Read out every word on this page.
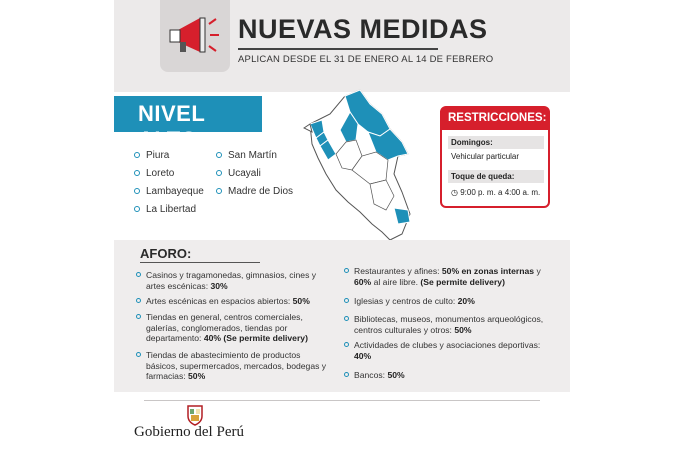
NUEVAS MEDIDAS
APLICAN DESDE EL 31 DE ENERO AL 14 DE FEBRERO
NIVEL ALTO
Piura
Loreto
Lambayeque
La Libertad
San Martín
Ucayali
Madre de Dios
RESTRICCIONES:
Domingos:
Vehicular particular
Toque de queda:
◷ 9:00 p. m. a 4:00 a. m.
AFORO:
Casinos y tragamonedas, gimnasios, cines y artes escénicas: 30%
Artes escénicas en espacios abiertos: 50%
Tiendas en general, centros comerciales, galerías, conglomerados, tiendas por departamento: 40% (Se permite delivery)
Tiendas de abastecimiento de productos básicos, supermercados, mercados, bodegas y farmacias: 50%
Restaurantes y afines: 50% en zonas internas y 60% al aire libre. (Se permite delivery)
Iglesias y centros de culto: 20%
Bibliotecas, museos, monumentos arqueológicos, centros culturales y otros: 50%
Actividades de clubes y asociaciones deportivas: 40%
Bancos: 50%
Gobierno del Perú
